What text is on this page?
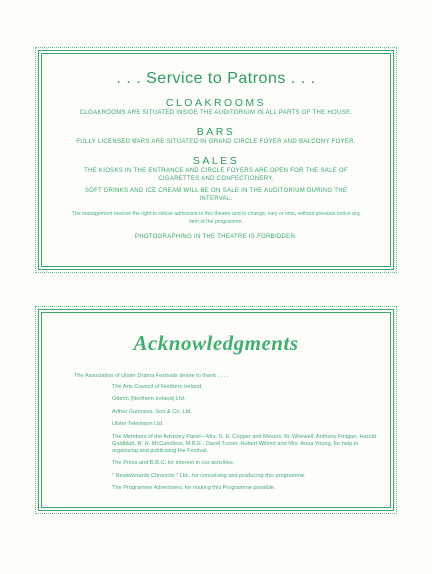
. . . Service to Patrons . . .
CLOAKROOMS
CLOAKROOMS ARE SITUATED INSIDE THE AUDITORIUM IN ALL PARTS OF THE HOUSE.
BARS
FULLY LICENSED BARS ARE SITUATED IN GRAND CIRCLE FOYER AND BALCONY FOYER.
SALES
THE KIOSKS IN THE ENTRANCE AND CIRCLE FOYERS ARE OPEN FOR THE SALE OF CIGARETTES AND CONFECTIONERY.
SOFT DRINKS AND ICE CREAM WILL BE ON SALE IN THE AUDITORIUM DURING THE INTERVAL.
The management reserve the right to refuse admission to this theatre and to change, vary or omit, without previous notice any item of the programme.
PHOTOGRAPHING IN THE THEATRE IS FORBIDDEN.
Acknowledgments
The Association of Ulster Drama Festivals desire to thank . . . .
The Arts Council of Northern Ireland.
Odeon (Northern Ireland) Ltd.
Arthur Guinness, Son & Co. Ltd.
Ulster Television Ltd.
The Members of the Advisory Panel—Mrs. S. E. Copper and Messrs. M. Whewell, Anthony Finigan, Harold Goldblatt, R. H. McCandless, M.B.E., David Turner, Hubert Wilmot and Mrs. Anna Young, for help in organising and publicising the Festival.
The Press and B.B.C. for interest in our activities.
" Newtownards Chronicle " Ltd., for conceiving and producing this programme.
The Programme Advertisers, for making this Programme possible.
